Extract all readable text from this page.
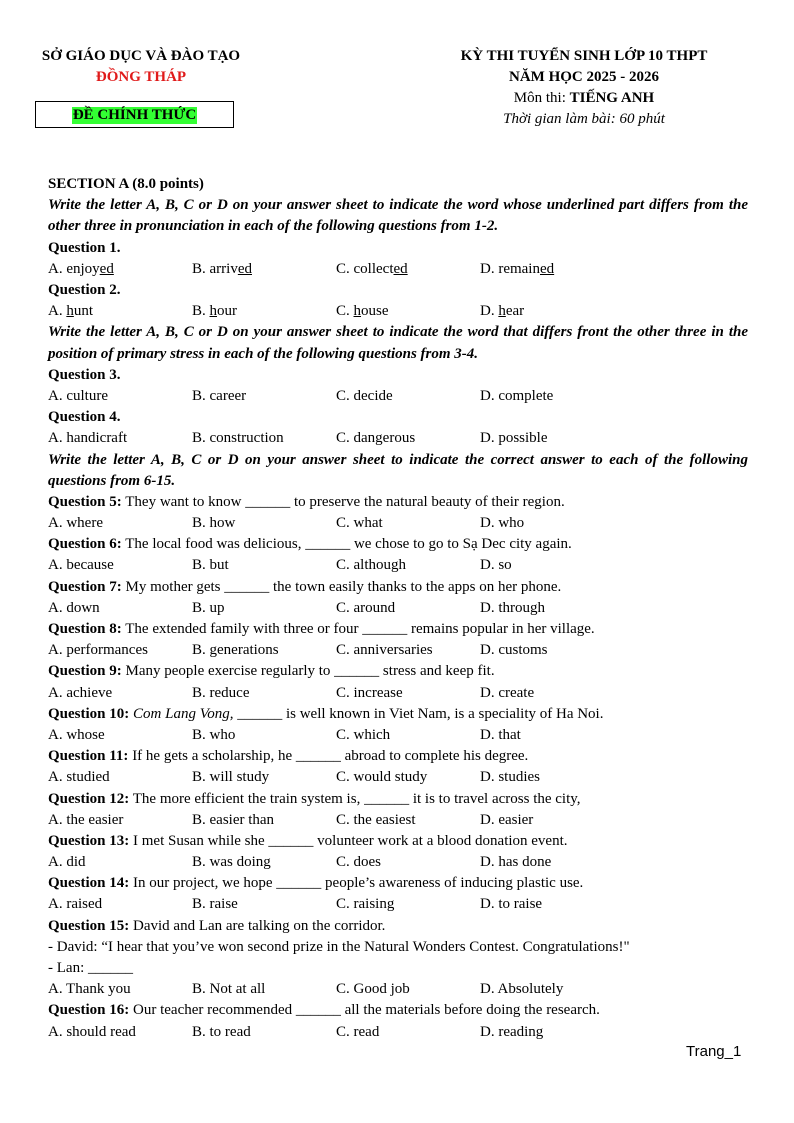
SỞ GIÁO DỤC VÀ ĐÀO TẠO
ĐỒNG THÁP
ĐỀ CHÍNH THỨC
KỲ THI TUYỂN SINH LỚP 10 THPT
NĂM HỌC 2025 - 2026
Môn thi: TIẾNG ANH
Thời gian làm bài: 60 phút
SECTION A (8.0 points)
Write the letter A, B, C or D on your answer sheet to indicate the word whose underlined part differs from the other three in pronunciation in each of the following questions from 1-2.
Question 1.
A. enjoyed	B. arrived	C. collected	D. remained
Question 2.
A. hunt	B. hour	C. house	D. hear
Write the letter A, B, C or D on your answer sheet to indicate the word that differs front the other three in the position of primary stress in each of the following questions from 3-4.
Question 3.
A. culture	B. career	C. decide	D. complete
Question 4.
A. handicraft	B. construction	C. dangerous	D. possible
Write the letter A, B, C or D on your answer sheet to indicate the correct answer to each of the following questions from 6-15.
Question 5: They want to know ______ to preserve the natural beauty of their region.
A. where	B. how	C. what	D. who
Question 6: The local food was delicious, ______ we chose to go to Sạ Dec city again.
A. because	B. but	C. although	D. so
Question 7: My mother gets ______ the town easily thanks to the apps on her phone.
A. down	B. up	C. around	D. through
Question 8: The extended family with three or four ______ remains popular in her village.
A. performances	B. generations	C. anniversaries	D. customs
Question 9: Many people exercise regularly to ______ stress and keep fit.
A. achieve	B. reduce	C. increase	D. create
Question 10: Com Lang Vong, ______ is well known in Viet Nam, is a speciality of Ha Noi.
A. whose	B. who	C. which	D. that
Question 11: If he gets a scholarship, he ______ abroad to complete his degree.
A. studied	B. will study	C. would study	D. studies
Question 12: The more efficient the train system is, ______ it is to travel across the city,
A. the easier	B. easier than	C. the easiest	D. easier
Question 13: I met Susan while she ______ volunteer work at a blood donation event.
A. did	B. was doing	C. does	D. has done
Question 14: In our project, we hope ______ people’s awareness of inducing plastic use.
A. raised	B. raise	C. raising	D. to raise
Question 15: David and Lan are talking on the corridor.
- David: “I hear that you’ve won second prize in the Natural Wonders Contest. Congratulations!"
- Lan: ______
A. Thank you	B. Not at all	C. Good job	D. Absolutely
Question 16: Our teacher recommended ______ all the materials before doing the research.
A. should read	B. to read	C. read	D. reading
Trang_1
